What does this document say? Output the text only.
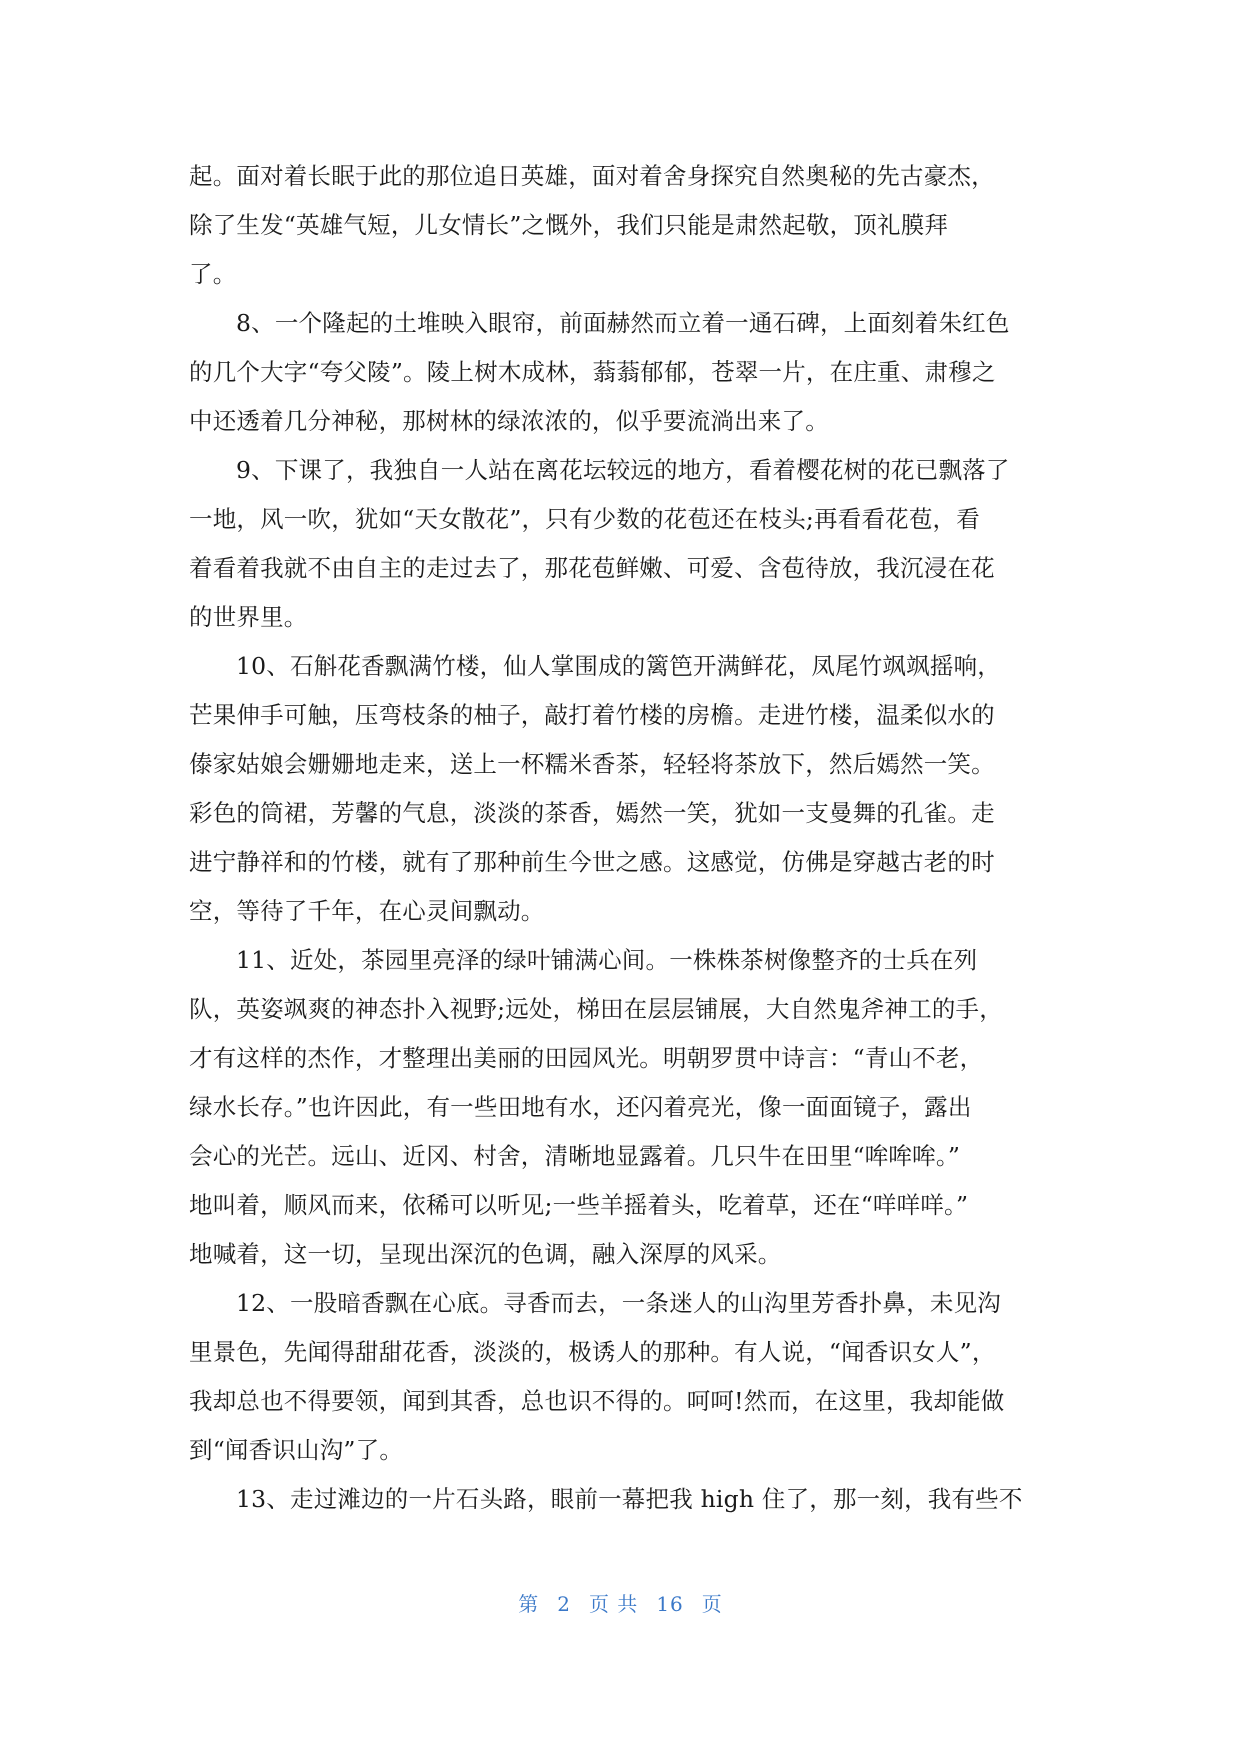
起。面对着长眠于此的那位追日英雄，面对着舍身探究自然奥秘的先古豪杰，
除了生发“英雄气短，儿女情长”之慨外，我们只能是肃然起敬，顶礼膜拜
了。
8、一个隆起的土堆映入眼帘，前面赫然而立着一通石碑，上面刻着朱红色
的几个大字“夸父陵”。陵上树木成林，蓊蓊郁郁，苍翠一片，在庄重、肃穆之
中还透着几分神秘，那树林的绿浓浓的，似乎要流淌出来了。
9、下课了，我独自一人站在离花坛较远的地方，看着樱花树的花已飘落了
一地，风一吹，犹如“天女散花”，只有少数的花苞还在枝头;再看看花苞，看
着看着我就不由自主的走过去了，那花苞鲜嫩、可爱、含苞待放，我沉浸在花
的世界里。
10、石斛花香飘满竹楼，仙人掌围成的篱笆开满鲜花，凤尾竹飒飒摇响，
芒果伸手可触，压弯枝条的柚子，敲打着竹楼的房檐。走进竹楼，温柔似水的
傣家姑娘会姗姗地走来，送上一杯糯米香茶，轻轻将茶放下，然后嫣然一笑。
彩色的筒裙，芳馨的气息，淡淡的茶香，嫣然一笑，犹如一支曼舞的孔雀。走
进宁静祥和的竹楼，就有了那种前生今世之感。这感觉，仿佛是穿越古老的时
空，等待了千年，在心灵间飘动。
11、近处，茶园里亮泽的绿叶铺满心间。一株株茶树像整齐的士兵在列
队，英姿飒爽的神态扑入视野;远处，梯田在层层铺展，大自然鬼斧神工的手，
才有这样的杰作，才整理出美丽的田园风光。明朝罗贯中诗言：“青山不老，
绿水长存。”也许因此，有一些田地有水，还闪着亮光，像一面面镜子，露出
会心的光芒。远山、近冈、村舍，清晰地显露着。几只牛在田里“哞哞哞。”
地叫着，顺风而来，依稀可以听见;一些羊摇着头，吃着草，还在“咩咩咩。”
地喊着，这一切，呈现出深沉的色调，融入深厚的风采。
12、一股暗香飘在心底。寻香而去，一条迷人的山沟里芳香扑鼻，未见沟
里景色，先闻得甜甜花香，淡淡的，极诱人的那种。有人说，“闻香识女人”，
我却总也不得要领，闻到其香，总也识不得的。呵呵!然而，在这里，我却能做
到“闻香识山沟”了。
13、走过滩边的一片石头路，眼前一幕把我 high 住了，那一刻，我有些不
第 2 页 共 16 页
